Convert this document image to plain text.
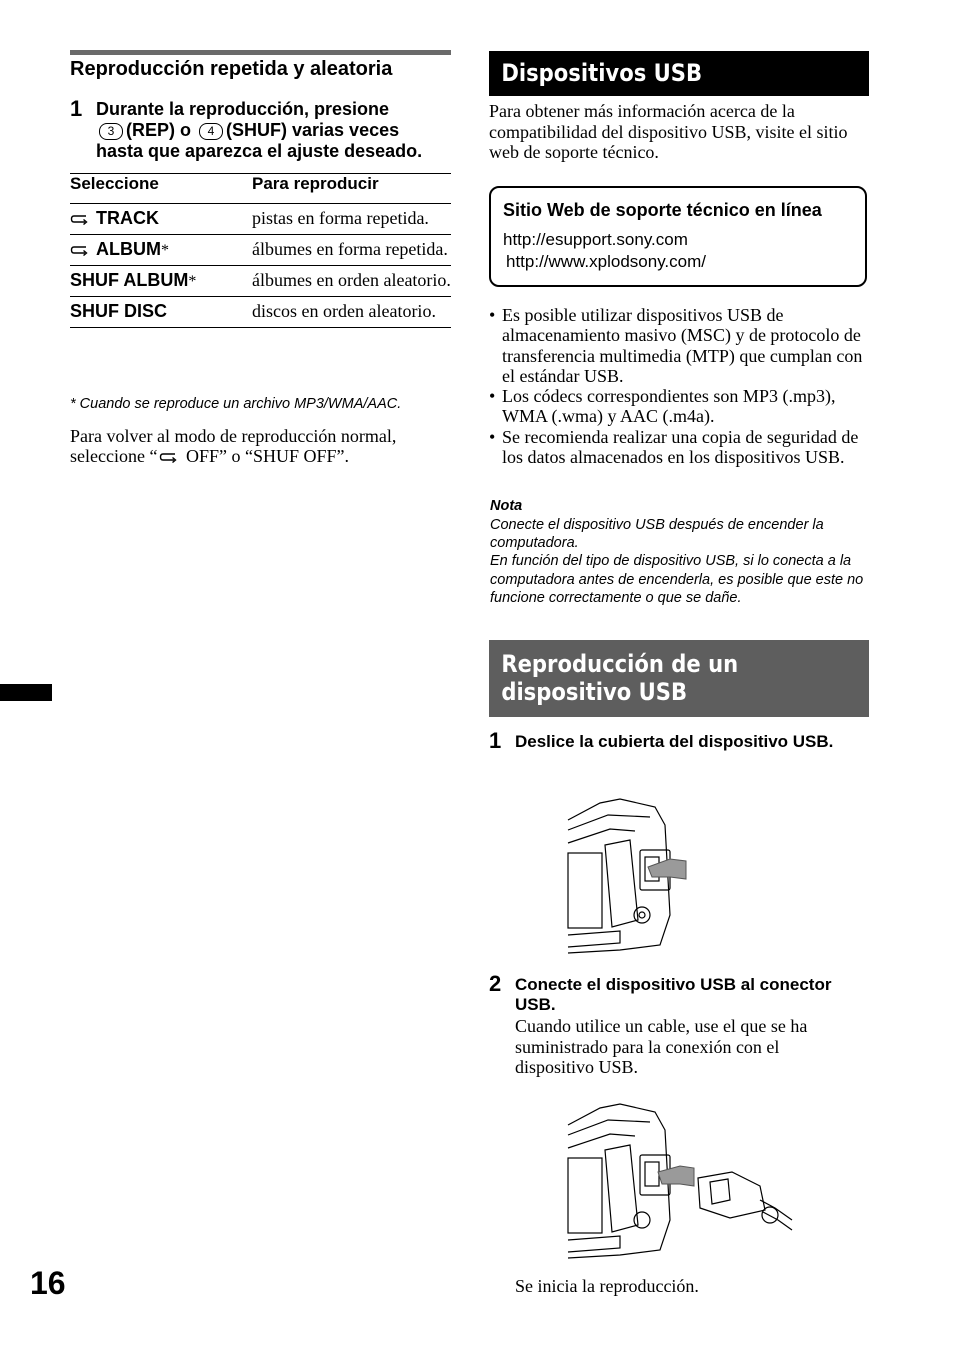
Reproducción repetida y aleatoria
1 Durante la reproducción, presione
3 (REP) o 4 (SHUF) varias veces
hasta que aparezca el ajuste deseado.
Seleccione	Para reproducir
TRACK	pistas en forma repetida.
ALBUM*	álbumes en forma repetida.
SHUF ALBUM*	álbumes en orden aleatorio.
SHUF DISC	discos en orden aleatorio.
* Cuando se reproduce un archivo MP3/WMA/AAC.
Para volver al modo de reproducción normal,
seleccione “ OFF” o “SHUF OFF”.
Dispositivos USB
Para obtener más información acerca de la compatibilidad del dispositivo USB, visite el sitio web de soporte técnico.
Sitio Web de soporte técnico en línea
http://esupport.sony.com
http://www.xplodsony.com/
• Es posible utilizar dispositivos USB de almacenamiento masivo (MSC) y de protocolo de transferencia multimedia (MTP) que cumplan con el estándar USB.
• Los códecs correspondientes son MP3 (.mp3), WMA (.wma) y AAC (.m4a).
• Se recomienda realizar una copia de seguridad de los datos almacenados en los dispositivos USB.
Nota
Conecte el dispositivo USB después de encender la computadora.
En función del tipo de dispositivo USB, si lo conecta a la computadora antes de encenderla, es posible que este no funcione correctamente o que se dañe.
Reproducción de un dispositivo USB
1 Deslice la cubierta del dispositivo USB.
2 Conecte el dispositivo USB al conector USB.
Cuando utilice un cable, use el que se ha suministrado para la conexión con el dispositivo USB.
Se inicia la reproducción.
16
